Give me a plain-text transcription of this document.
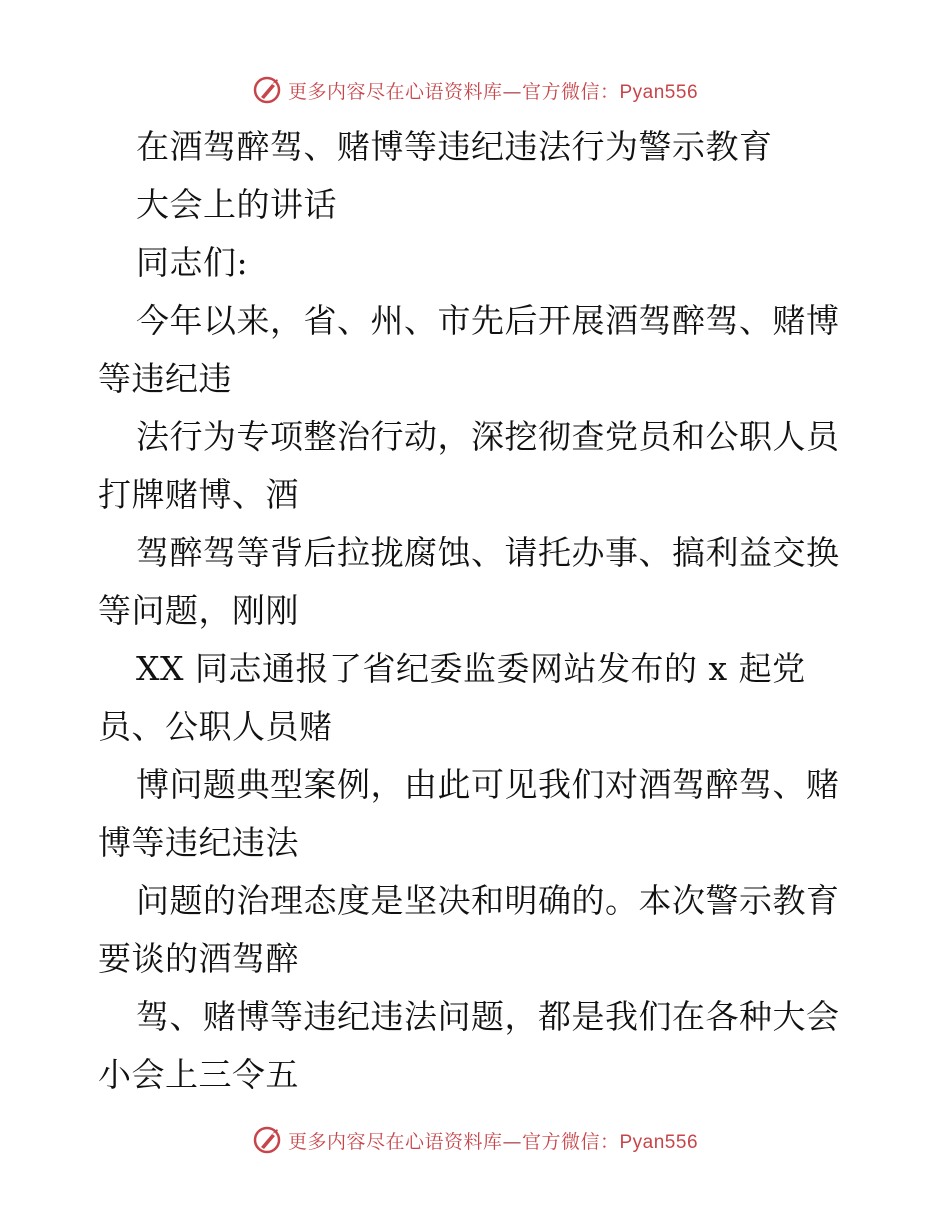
更多内容尽在心语资料库—官方微信：Pyan556
在酒驾醉驾、赌博等违纪违法行为警示教育
大会上的讲话
同志们:
今年以来，省、州、市先后开展酒驾醉驾、赌博
等违纪违
法行为专项整治行动，深挖彻查党员和公职人员
打牌赌博、酒
驾醉驾等背后拉拢腐蚀、请托办事、搞利益交换
等问题，刚刚
XX 同志通报了省纪委监委网站发布的 x 起党
员、公职人员赌
博问题典型案例，由此可见我们对酒驾醉驾、赌
博等违纪违法
问题的治理态度是坚决和明确的。本次警示教育
要谈的酒驾醉
驾、赌博等违纪违法问题，都是我们在各种大会
小会上三令五
更多内容尽在心语资料库—官方微信：Pyan556
